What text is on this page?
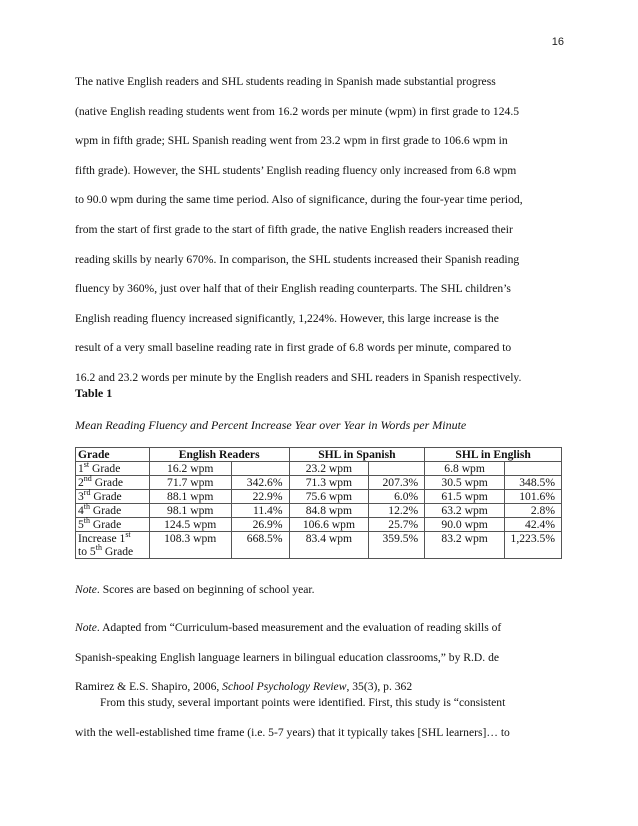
16
The native English readers and SHL students reading in Spanish made substantial progress
(native English reading students went from 16.2 words per minute (wpm) in first grade to 124.5
wpm in fifth grade; SHL Spanish reading went from 23.2 wpm in first grade to 106.6 wpm in
fifth grade). However, the SHL students’ English reading fluency only increased from 6.8 wpm
to 90.0 wpm during the same time period. Also of significance, during the four-year time period,
from the start of first grade to the start of fifth grade, the native English readers increased their
reading skills by nearly 670%. In comparison, the SHL students increased their Spanish reading
fluency by 360%, just over half that of their English reading counterparts. The SHL children’s
English reading fluency increased significantly, 1,224%. However, this large increase is the
result of a very small baseline reading rate in first grade of 6.8 words per minute, compared to
16.2 and 23.2 words per minute by the English readers and SHL readers in Spanish respectively.
Table 1
Mean Reading Fluency and Percent Increase Year over Year in Words per Minute
Grade	English Readers		SHL in Spanish		SHL in English	
1st Grade	16.2 wpm		23.2 wpm		6.8 wpm	
2nd Grade	71.7 wpm	342.6%	71.3 wpm	207.3%	30.5 wpm	348.5%
3rd Grade	88.1 wpm	22.9%	75.6 wpm	6.0%	61.5 wpm	101.6%
4th Grade	98.1 wpm	11.4%	84.8 wpm	12.2%	63.2 wpm	2.8%
5th Grade	124.5 wpm	26.9%	106.6 wpm	25.7%	90.0 wpm	42.4%
Increase 1st
to 5th Grade	108.3 wpm	668.5%	83.4 wpm	359.5%	83.2 wpm	1,223.5%
Note. Scores are based on beginning of school year.
Note. Adapted from “Curriculum-based measurement and the evaluation of reading skills of
Spanish-speaking English language learners in bilingual education classrooms,” by R.D. de
Ramirez & E.S. Shapiro, 2006, School Psychology Review, 35(3), p. 362
From this study, several important points were identified. First, this study is “consistent
with the well-established time frame (i.e. 5-7 years) that it typically takes [SHL learners]… to
